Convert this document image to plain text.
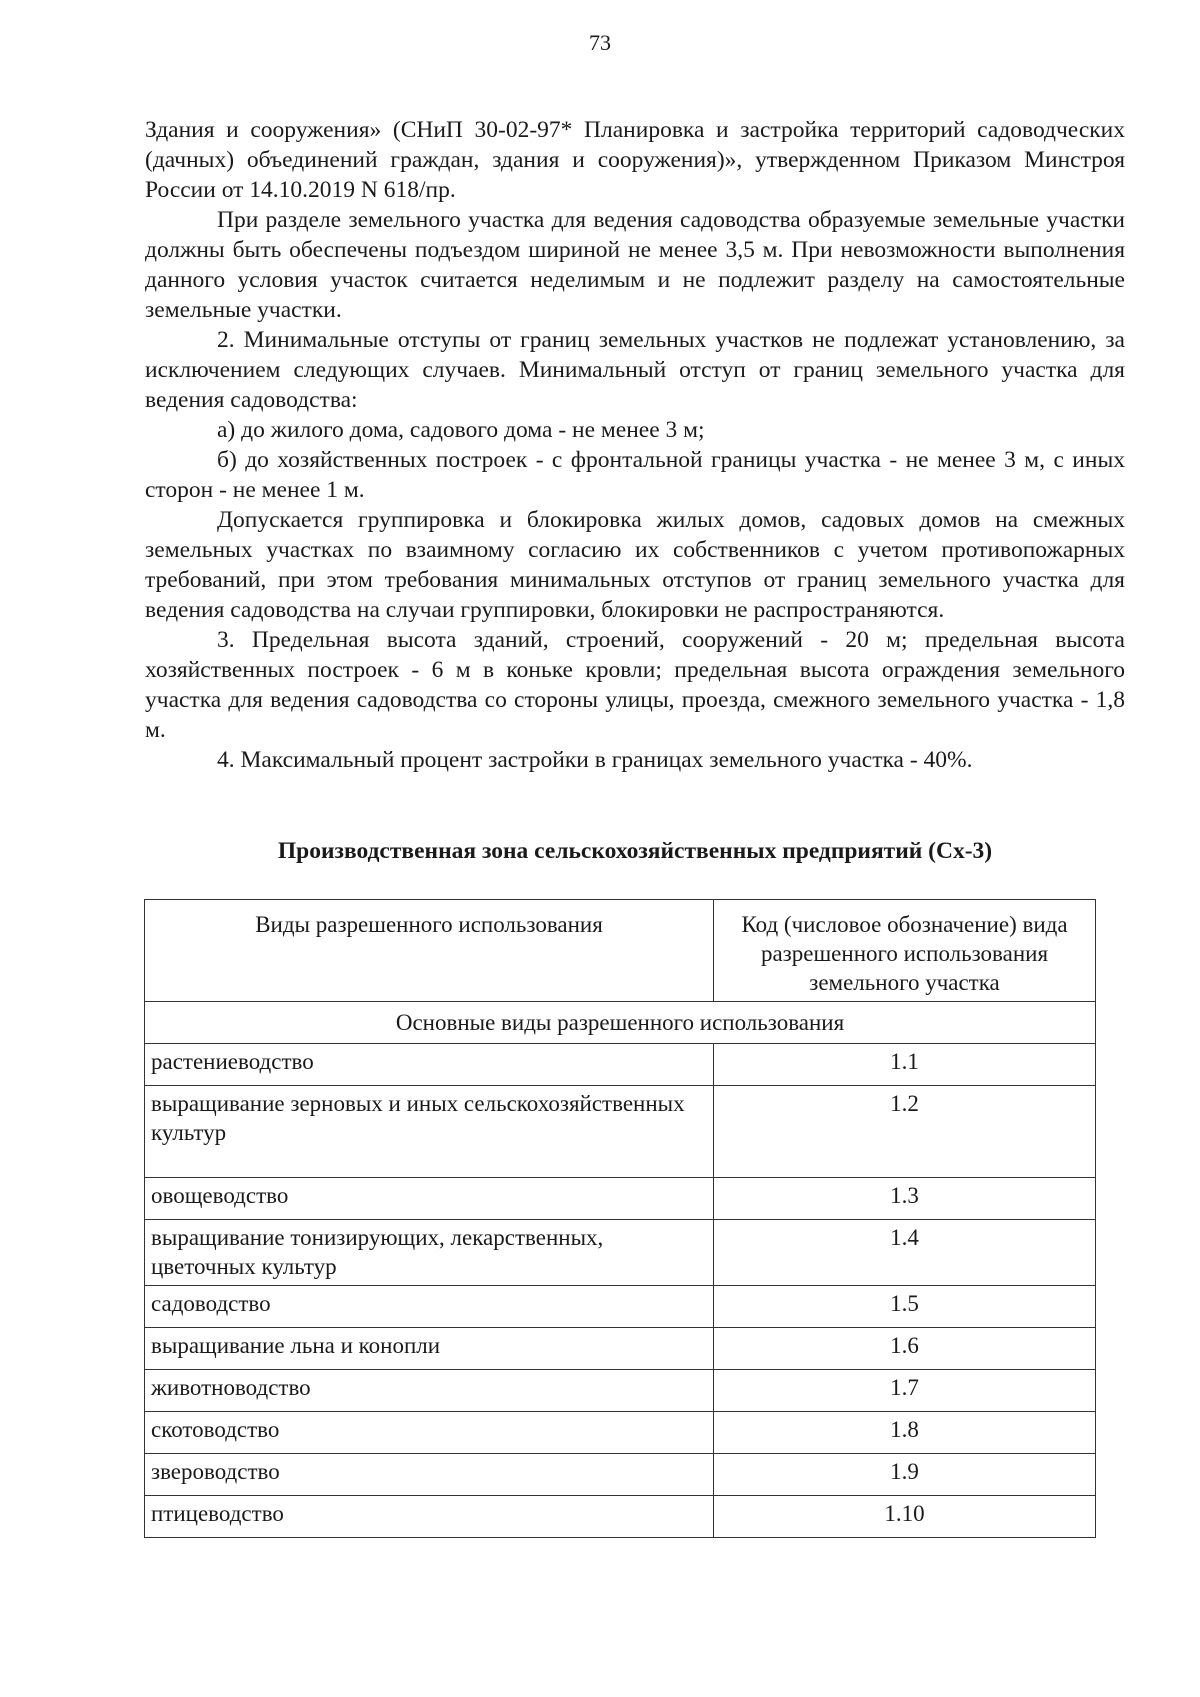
73

Здания и сооружения» (СНиП 30-02-97* Планировка и застройка территорий садоводческих (дачных) объединений граждан, здания и сооружения)», утвержденном Приказом Минстроя России от 14.10.2019 N 618/пр.

При разделе земельного участка для ведения садоводства образуемые земельные участки должны быть обеспечены подъездом шириной не менее 3,5 м. При невозможности выполнения данного условия участок считается неделимым и не подлежит разделу на самостоятельные земельные участки.

2. Минимальные отступы от границ земельных участков не подлежат установлению, за исключением следующих случаев. Минимальный отступ от границ земельного участка для ведения садоводства:

а) до жилого дома, садового дома - не менее 3 м;

б) до хозяйственных построек - с фронтальной границы участка - не менее 3 м, с иных сторон - не менее 1 м.

Допускается группировка и блокировка жилых домов, садовых домов на смежных земельных участках по взаимному согласию их собственников с учетом противопожарных требований, при этом требования минимальных отступов от границ земельного участка для ведения садоводства на случаи группировки, блокировки не распространяются.

3. Предельная высота зданий, строений, сооружений - 20 м; предельная высота хозяйственных построек - 6 м в коньке кровли; предельная высота ограждения земельного участка для ведения садоводства со стороны улицы, проезда, смежного земельного участка - 1,8 м.

4. Максимальный процент застройки в границах земельного участка - 40%.

Производственная зона сельскохозяйственных предприятий (Сх-3)
Виды разрешенного использования	Код (числовое обозначение) вида разрешенного использования земельного участка
Основные виды разрешенного использования	
растениеводство	1.1
выращивание зерновых и иных сельскохозяйственных культур	1.2
овощеводство	1.3
выращивание тонизирующих, лекарственных, цветочных культур	1.4
садоводство	1.5
выращивание льна и конопли	1.6
животноводство	1.7
скотоводство	1.8
звероводство	1.9
птицеводство	1.10
